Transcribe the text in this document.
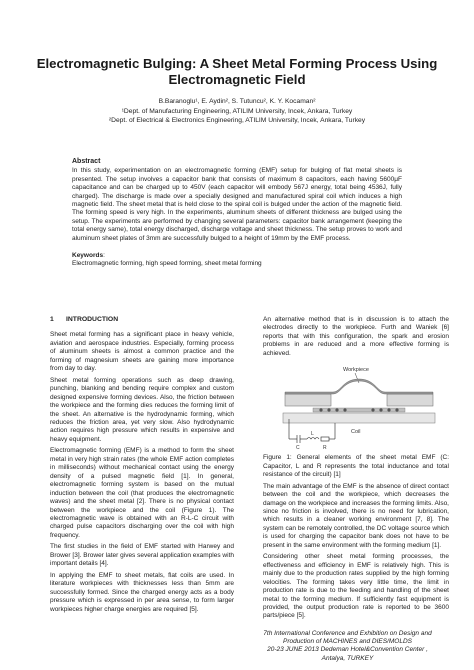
Electromagnetic Bulging: A Sheet Metal Forming Process Using
Electromagnetic Field
B.Baranoglu¹, E. Aydin², S. Tutuncu², K. Y. Kocaman²
¹Dept. of Manufacturing Engineering, ATILIM University, Incek, Ankara, Turkey
²Dept. of Electrical & Electronics Engineering, ATILIM University, Incek, Ankara, Turkey
Abstract

In this study, experimentation on an electromagnetic forming (EMF) setup for bulging of flat metal sheets is presented. The setup involves a capacitor bank that consists of maximum 8 capacitors, each having 5600μF capacitance and can be charged up to 450V (each capacitor will embody 567J energy, total being 4536J, fully charged). The discharge is made over a specially designed and manufactured spiral coil which induces a high magnetic field. The sheet metal that is held close to the spiral coil is bulged under the action of the magnetic field. The forming speed is very high. In the experiments, aluminum sheets of different thickness are bulged using the setup. The experiments are performed by changing several parameters: capacitor bank arrangement (keeping the total energy same), total energy discharged, discharge voltage and sheet thickness. The setup proves to work and aluminum sheet plates of 3mm are successfully bulged to a height of 19mm by the EMF process.

Keywords:
Electromagnetic forming, high speed forming, sheet metal forming
1 INTRODUCTION

Sheet metal forming has a significant place in heavy vehicle, aviation and aerospace industries. Especially, forming process of aluminum sheets is almost a common practice and the forming of magnesium sheets are gaining more importance from day to day.

Sheet metal forming operations such as deep drawing, punching, blanking and bending require complex and custom designed expensive forming devices. Also, the friction between the workpiece and the forming dies reduces the forming limit of the sheet. An alternative is the hydrodynamic forming, which reduces the friction area, yet very slow. Also hydrodynamic action requires high pressure which results in expensive and heavy equipment.

Electromagnetic forming (EMF) is a method to form the sheet metal in very high strain rates (the whole EMF action completes in milliseconds) without mechanical contact using the energy density of a pulsed magnetic field [1]. In general, electromagnetic forming system is based on the mutual induction between the coil (that produces the electromagnetic waves) and the sheet metal [2]. There is no physical contact between the workpiece and the coil (Figure 1). The electromagnetic wave is obtained with an R-L-C circuit with charged pulse capacitors discharging over the coil with high frequency.

The first studies in the field of EMF started with Harwey and Brower [3]. Brower later gives several application examples with important details [4].

In applying the EMF to sheet metals, flat coils are used. In literature workpieces with thicknesses less than 5mm are successfully formed. Since the charged energy acts as a body pressure which is expressed in per area sense, to form larger workpieces higher charge energies are required [5].

An alternative method that is in discussion is to attach the electrodes directly to the workpiece. Furth and Waniek [6] reports that with this configuration, the spark and erosion problems in are reduced and a more effective forming is achieved.

Workpiece
Coil
C
L
R

Figure 1: General elements of the sheet metal EMF (C: Capacitor, L and R represents the total inductance and total resistance of the circuit) [1]

The main advantage of the EMF is the absence of direct contact between the coil and the workpiece, which decreases the damage on the workpiece and increases the forming limits. Also, since no friction is involved, there is no need for lubrication, which results in a cleaner working environment [7, 8]. The system can be remotely controlled, the DC voltage source which is used for charging the capacitor bank does not have to be present in the same environment with the forming medium [1].

Considering other sheet metal forming processes, the effectiveness and efficiency in EMF is relatively high. This is mainly due to the production rates supplied by the high forming velocities. The forming takes very little time, the limit in production rate is due to the feeding and handling of the sheet metal to the forming medium. If sufficiently fast equipment is provided, the output production rate is reported to be 3600 parts/piece [5].

7th International Conference and Exhibition on Design and
Production of MACHINES and DIES/MOLDS
20-23 JUNE 2013 Dedeman Hotel&Convention Center ,
Antalya, TURKEY
